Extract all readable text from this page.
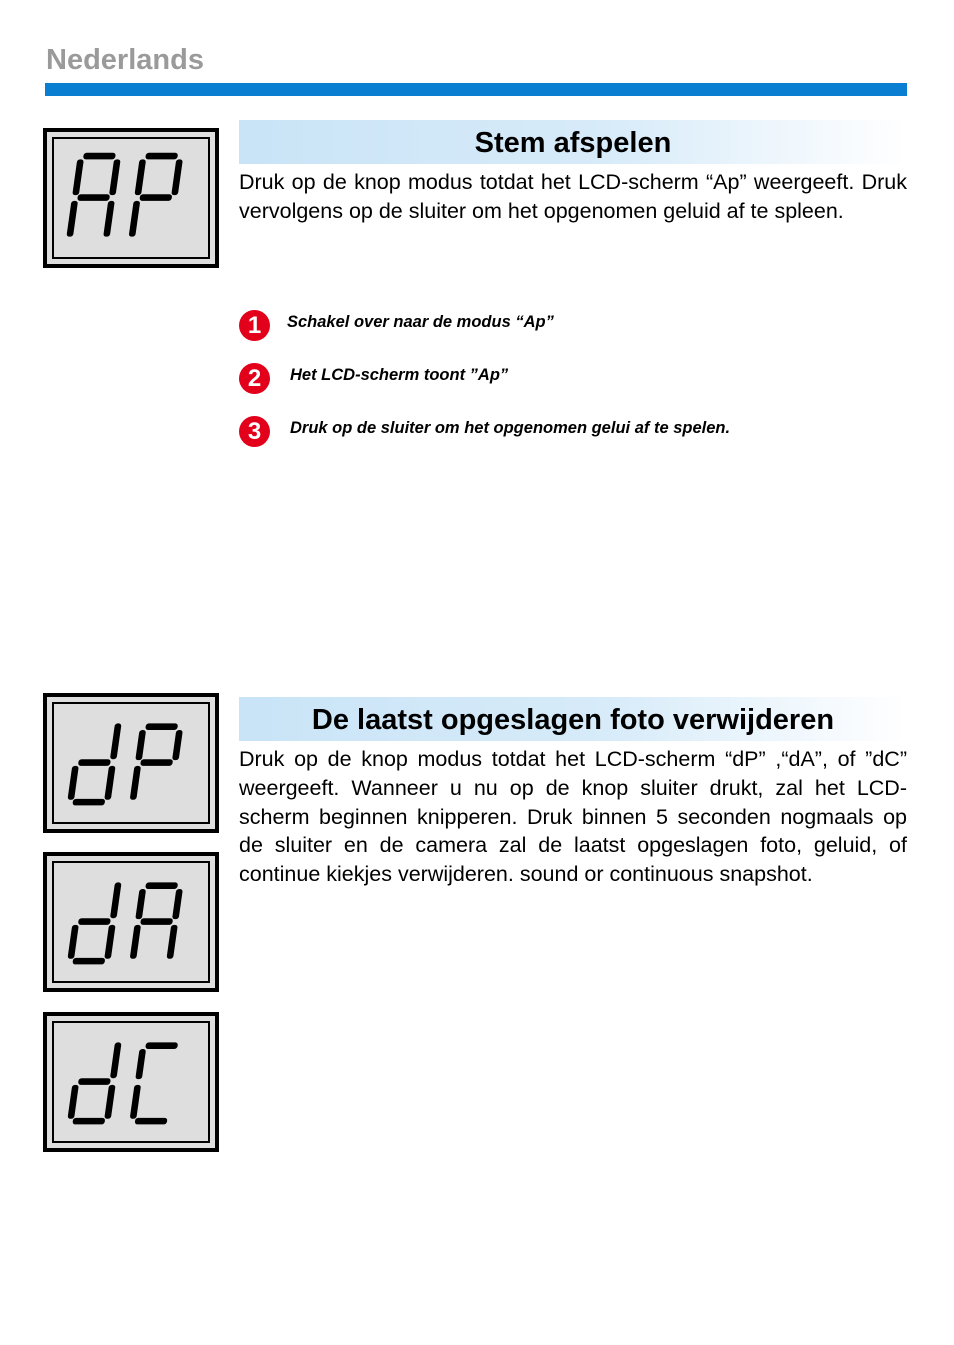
Nederlands
Stem afspelen
Druk op de knop modus totdat het LCD-scherm “Ap” weergeeft. Druk vervolgens op de sluiter om het opgenomen geluid af te spleen.
1	Schakel over naar de modus “Ap”
2	Het LCD-scherm toont ”Ap”
3	Druk op de sluiter om het opgenomen gelui af te spelen.
De laatst opgeslagen foto verwijderen
Druk op de knop modus totdat het LCD-scherm “dP” ,“dA”, of ”dC” weergeeft. Wanneer u nu op de knop sluiter drukt, zal het LCD-scherm beginnen knipperen. Druk binnen 5 seconden nogmaals op de sluiter en de camera zal de laatst opgeslagen foto, geluid, of continue kiekjes verwijderen. sound or continuous snapshot.
